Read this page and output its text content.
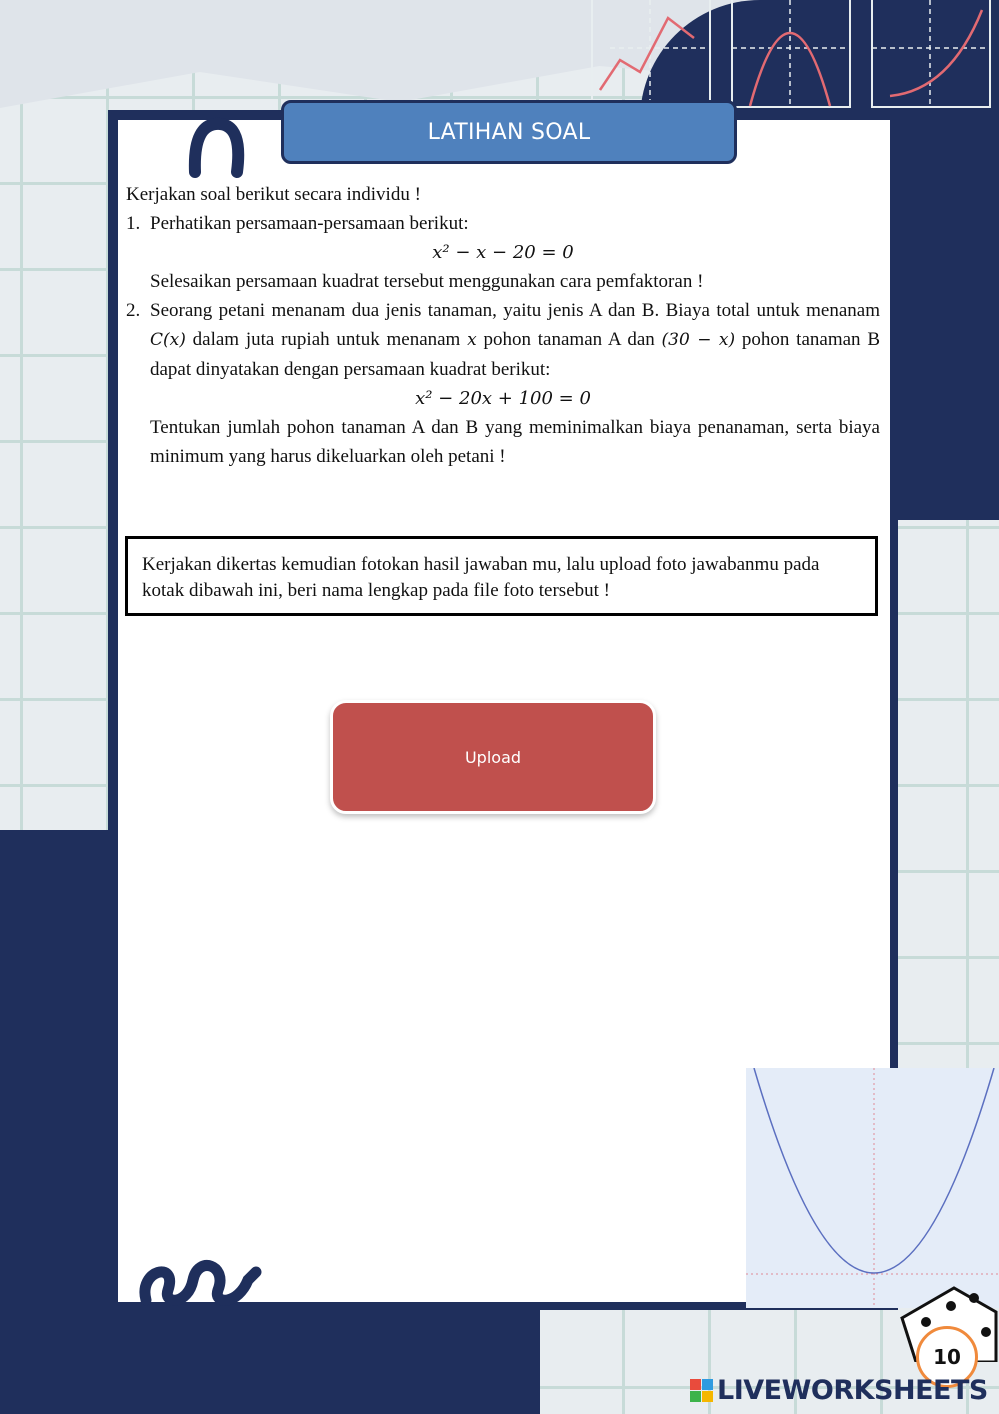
LATIHAN SOAL

Kerjakan soal berikut secara individu !

1. Perhatikan persamaan-persamaan berikut:

x² − x − 20 = 0

Selesaikan persamaan kuadrat tersebut menggunakan cara pemfaktoran !

2. Seorang petani menanam dua jenis tanaman, yaitu jenis A dan B. Biaya total untuk menanam C(x) dalam juta rupiah untuk menanam x pohon tanaman A dan (30 − x) pohon tanaman B dapat dinyatakan dengan persamaan kuadrat berikut:

x² − 20x + 100 = 0

Tentukan jumlah pohon tanaman A dan B yang meminimalkan biaya penanaman, serta biaya minimum yang harus dikeluarkan oleh petani !

Kerjakan dikertas kemudian fotokan hasil jawaban mu, lalu upload foto jawabanmu pada kotak dibawah ini, beri nama lengkap pada file foto tersebut !
Upload
10
LIVEWORKSHEETS
